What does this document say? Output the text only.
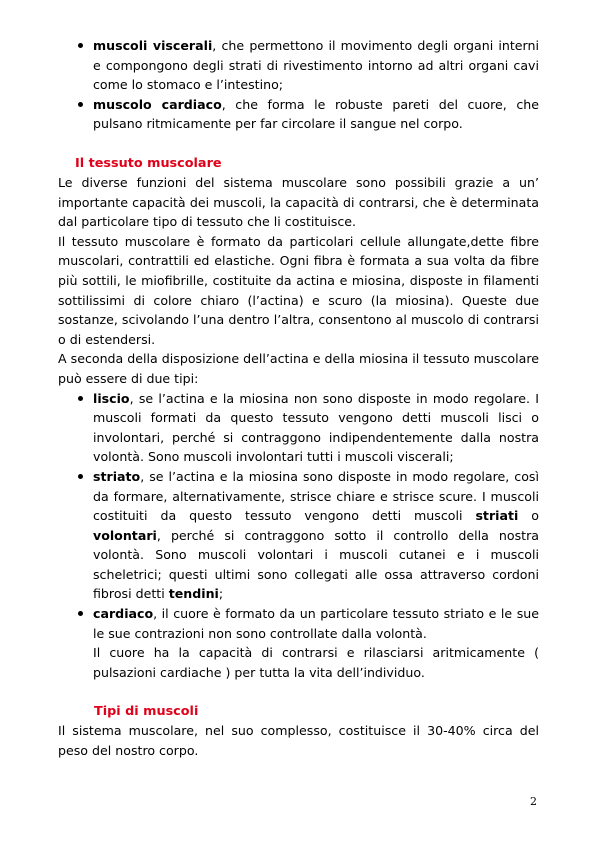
muscoli viscerali, che permettono il movimento degli organi interni e compongono degli strati di rivestimento intorno ad altri organi cavi come lo stomaco e l’intestino;
muscolo cardiaco, che forma le robuste pareti del cuore, che pulsano ritmicamente per far circolare il sangue nel corpo.
Il tessuto muscolare

Le diverse funzioni del sistema muscolare sono possibili grazie a un’ importante capacità dei muscoli, la capacità di contrarsi, che è determinata dal particolare tipo di tessuto che li costituisce.

Il tessuto muscolare è formato da particolari cellule allungate,dette fibre muscolari, contrattili ed elastiche. Ogni fibra è formata a sua volta da fibre più sottili, le miofibrille, costituite da actina e miosina, disposte in filamenti sottilissimi di colore chiaro (l’actina) e scuro (la miosina). Queste due sostanze, scivolando l’una dentro l’altra, consentono al muscolo di contrarsi o di estendersi.

A seconda della disposizione dell’actina e della miosina il tessuto muscolare può essere di due tipi:

liscio, se l’actina e la miosina non sono disposte in modo regolare. I muscoli formati da questo tessuto vengono detti muscoli lisci o involontari, perché si contraggono indipendentemente dalla nostra volontà. Sono muscoli involontari tutti i muscoli viscerali;
striato, se l’actina e la miosina sono disposte in modo regolare, così da formare, alternativamente, strisce chiare e strisce scure. I muscoli costituiti da questo tessuto vengono detti muscoli striati o volontari, perché si contraggono sotto il controllo della nostra volontà. Sono muscoli volontari i muscoli cutanei e i muscoli scheletrici; questi ultimi sono collegati alle ossa attraverso cordoni fibrosi detti tendini;
cardiaco, il cuore è formato da un particolare tessuto striato e le sue le sue contrazioni non sono controllate dalla volontà.

Il cuore ha la capacità di contrarsi e rilasciarsi aritmicamente ( pulsazioni cardiache ) per tutta la vita dell’individuo.

Tipi di muscoli

Il sistema muscolare, nel suo complesso, costituisce il 30-40% circa del peso del nostro corpo.

2
